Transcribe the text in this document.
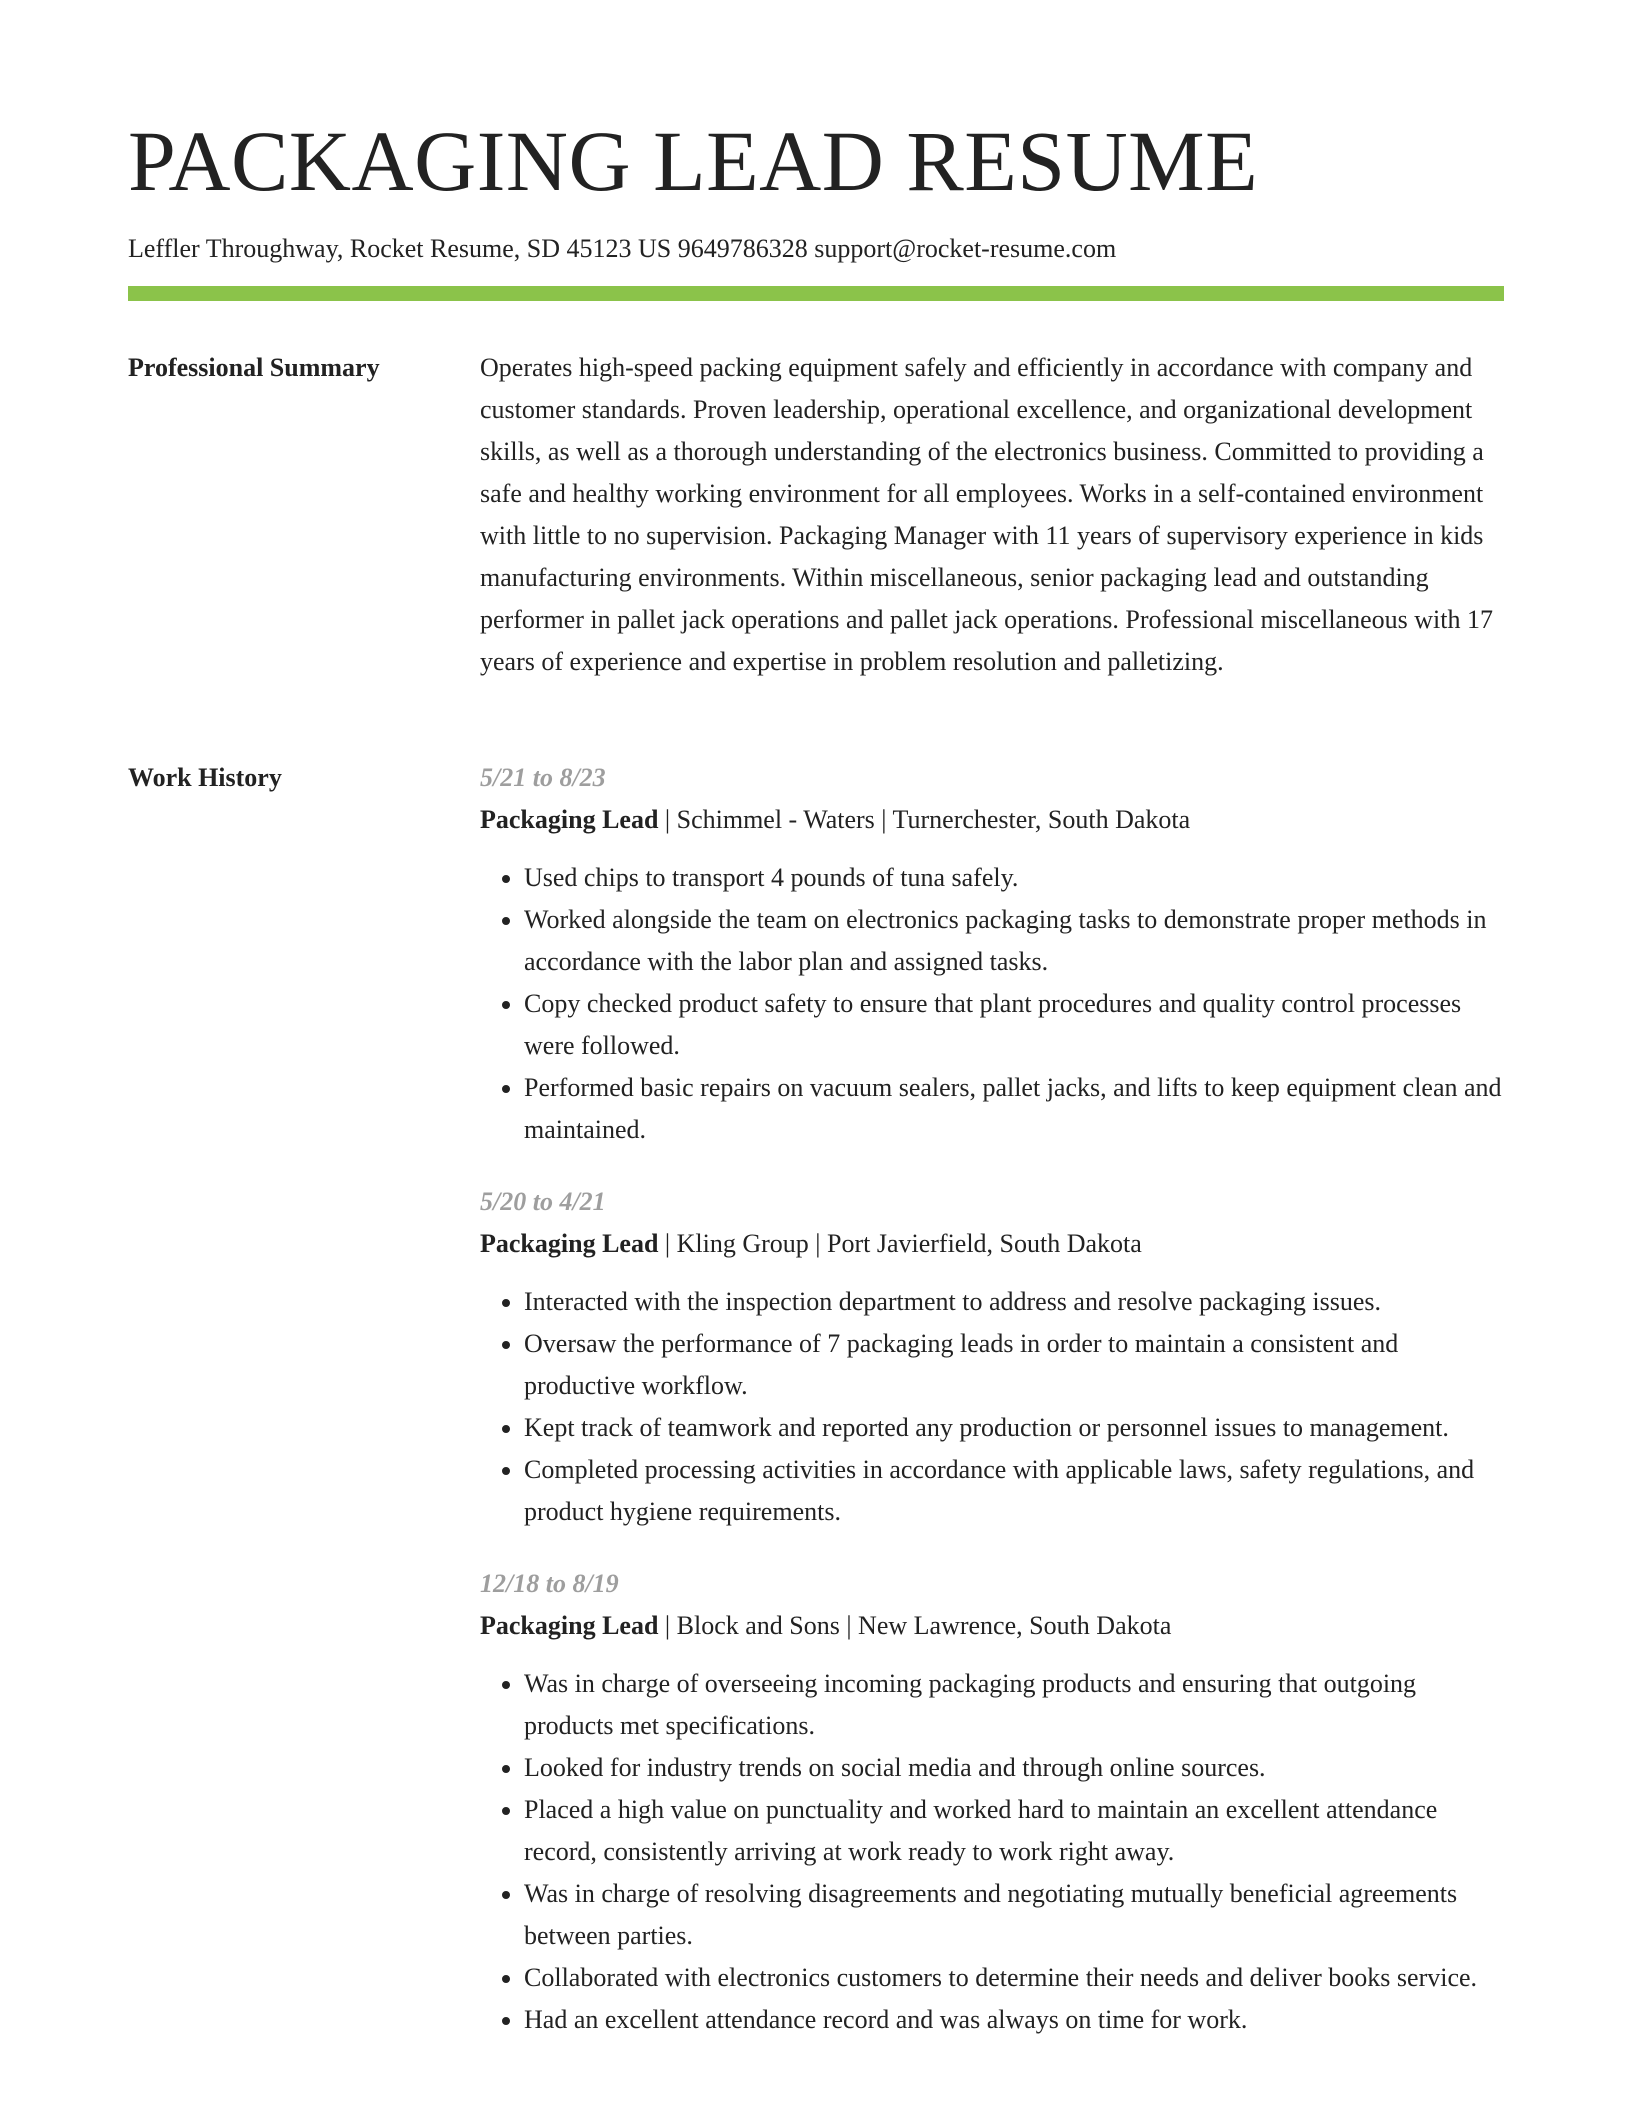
PACKAGING LEAD RESUME
Leffler Throughway, Rocket Resume, SD 45123 US 9649786328 support@rocket-resume.com
Professional Summary	Operates high-speed packing equipment safely and efficiently in accordance with company and customer standards. Proven leadership, operational excellence, and organizational development skills, as well as a thorough understanding of the electronics business. Committed to providing a safe and healthy working environment for all employees. Works in a self-contained environment with little to no supervision. Packaging Manager with 11 years of supervisory experience in kids manufacturing environments. Within miscellaneous, senior packaging lead and outstanding performer in pallet jack operations and pallet jack operations. Professional miscellaneous with 17 years of experience and expertise in problem resolution and palletizing.

Work History	5/21 to 8/23
Packaging Lead | Schimmel - Waters | Turnerchester, South Dakota
• Used chips to transport 4 pounds of tuna safely.
• Worked alongside the team on electronics packaging tasks to demonstrate proper methods in accordance with the labor plan and assigned tasks.
• Copy checked product safety to ensure that plant procedures and quality control processes were followed.
• Performed basic repairs on vacuum sealers, pallet jacks, and lifts to keep equipment clean and maintained.
5/20 to 4/21
Packaging Lead | Kling Group | Port Javierfield, South Dakota
• Interacted with the inspection department to address and resolve packaging issues.
• Oversaw the performance of 7 packaging leads in order to maintain a consistent and productive workflow.
• Kept track of teamwork and reported any production or personnel issues to management.
• Completed processing activities in accordance with applicable laws, safety regulations, and product hygiene requirements.
12/18 to 8/19
Packaging Lead | Block and Sons | New Lawrence, South Dakota
• Was in charge of overseeing incoming packaging products and ensuring that outgoing products met specifications.
• Looked for industry trends on social media and through online sources.
• Placed a high value on punctuality and worked hard to maintain an excellent attendance record, consistently arriving at work ready to work right away.
• Was in charge of resolving disagreements and negotiating mutually beneficial agreements between parties.
• Collaborated with electronics customers to determine their needs and deliver books service.
• Had an excellent attendance record and was always on time for work.
